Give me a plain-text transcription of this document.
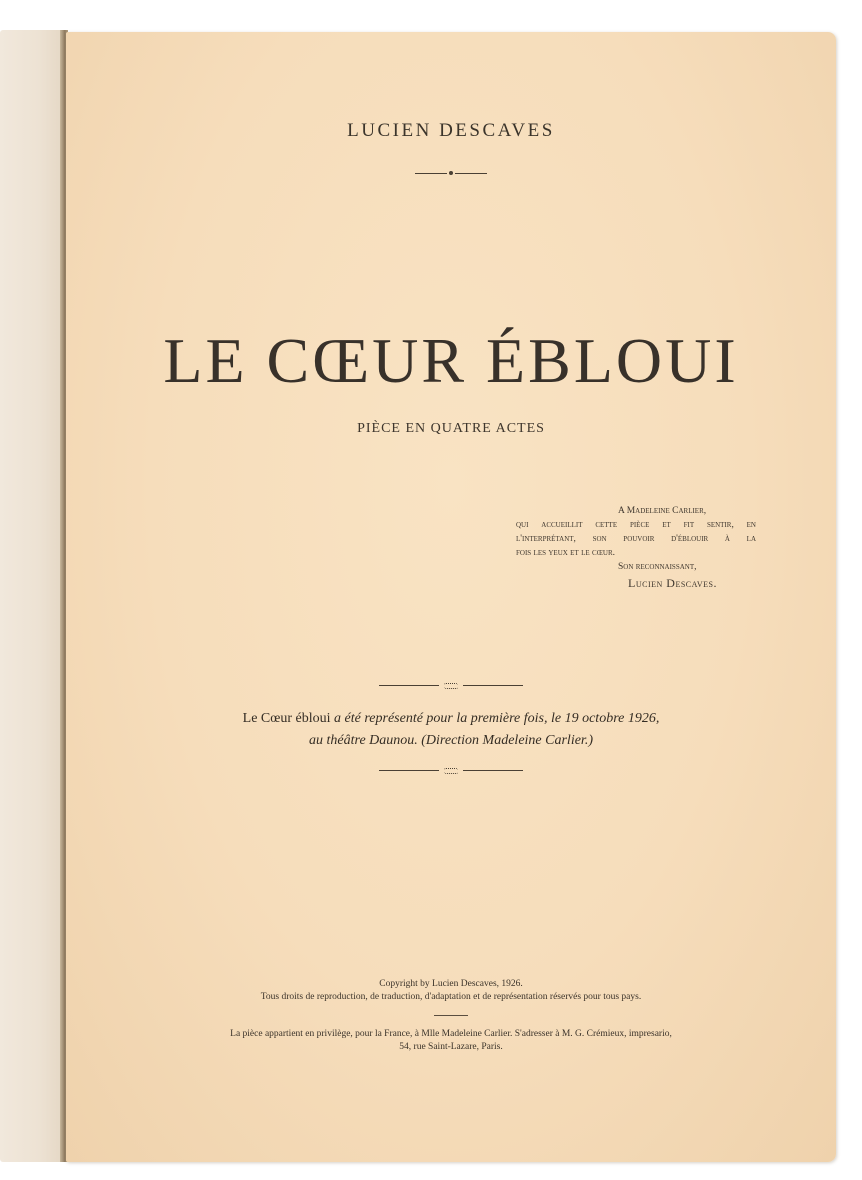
LUCIEN DESCAVES
LE CŒUR ÉBLOUI
PIÈCE EN QUATRE ACTES
A Madeleine Carlier,
qui accueillit cette pièce et fit sentir, en
l'interprétant, son pouvoir d'éblouir à la
fois les yeux et le cœur.
Son reconnaissant,
Lucien Descaves.
Le Cœur ébloui a été représenté pour la première fois, le 19 octobre 1926,
au théâtre Daunou. (Direction Madeleine Carlier.)
Copyright by Lucien Descaves, 1926.
Tous droits de reproduction, de traduction, d'adaptation et de représentation réservés pour tous pays.
La pièce appartient en privilège, pour la France, à Mlle Madeleine Carlier. S'adresser à M. G. Crémieux, impresario,
54, rue Saint-Lazare, Paris.
